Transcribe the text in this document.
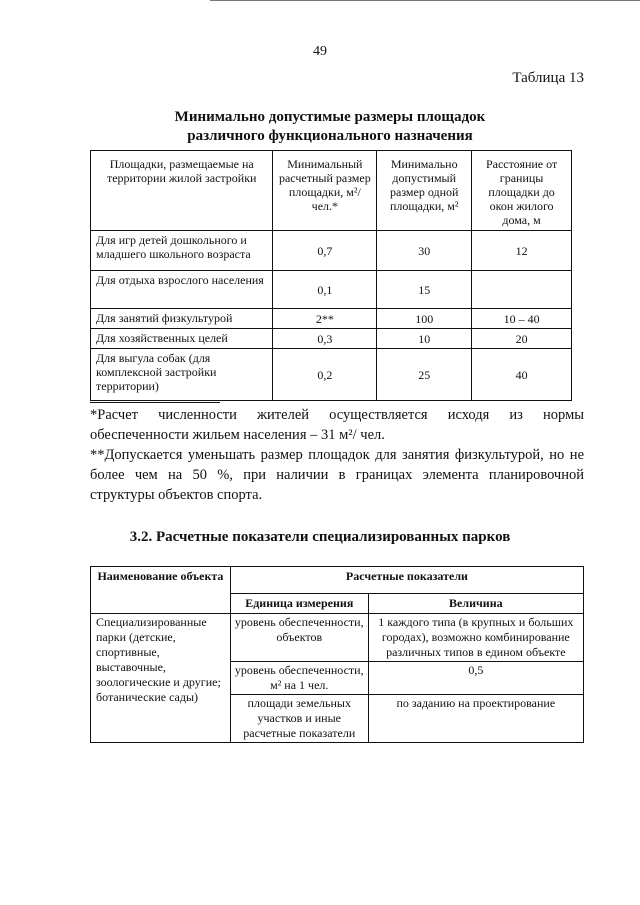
49
Таблица 13
Минимально допустимые размеры площадок
различного функционального назначения
Площадки, размещаемые на территории жилой застройки	Минимальный расчетный размер площадки, м²/чел.*	Минимально допустимый размер одной площадки, м²	Расстояние от границы площадки до окон жилого дома, м
Для игр детей дошкольного и младшего школьного возраста	0,7	30	12
Для отдыха взрослого населения	0,1	15	
Для занятий физкультурой	2**	100	10 – 40
Для хозяйственных целей	0,3	10	20
Для выгула собак (для комплексной застройки территории)	0,2	25	40

*Расчет численности жителей осуществляется исходя из нормы обеспеченности жильем населения – 31 м²/ чел.

**Допускается уменьшать размер площадок для занятия физкультурой, но не более чем на 50 %, при наличии в границах элемента планировочной структуры объектов спорта.

3.2. Расчетные показатели специализированных парков
Наименование объекта	Расчетные показатели	
	Единица измерения	Величина
Специализированные парки (детские, спортивные, выставочные, зоологические и другие; ботанические сады)	уровень обеспеченности, объектов	1 каждого типа (в крупных и больших городах), возможно комбинирование различных типов в едином объекте
	уровень обеспеченности, м² на 1 чел.	0,5
	площади земельных участков и иные расчетные показатели	по заданию на проектирование
